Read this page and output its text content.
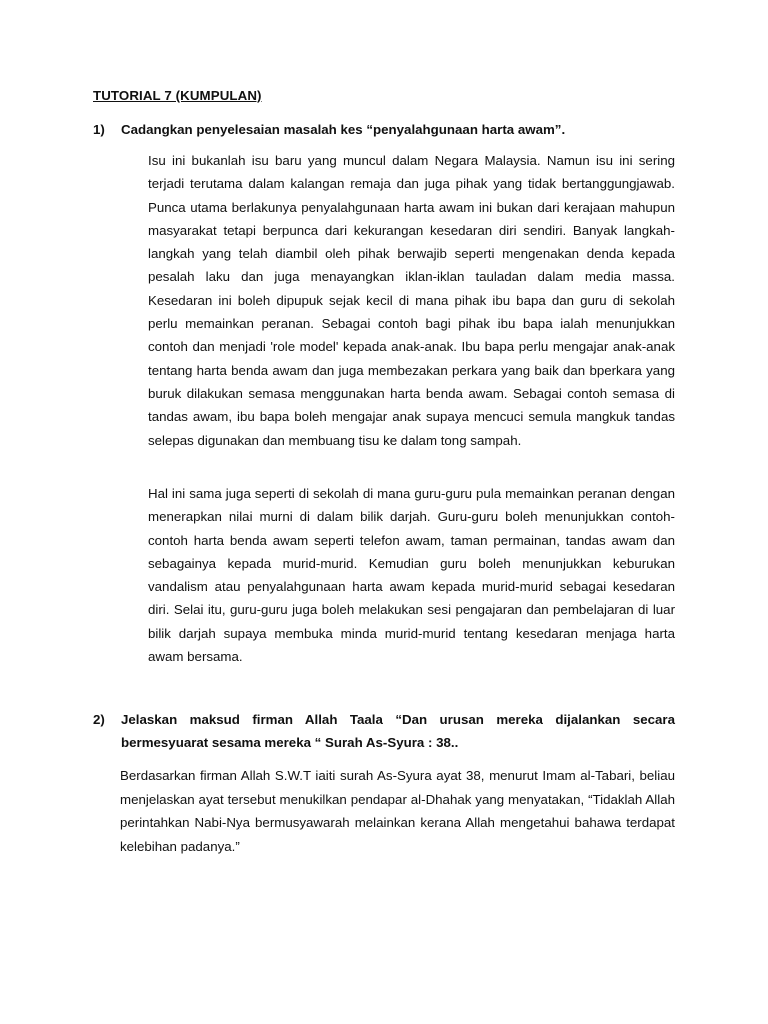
TUTORIAL 7 (KUMPULAN)
1) Cadangkan penyelesaian masalah kes “penyalahgunaan harta awam”.

Isu ini bukanlah isu baru yang muncul dalam Negara Malaysia. Namun isu ini sering terjadi terutama dalam kalangan remaja dan juga pihak yang tidak bertanggungjawab. Punca utama berlakunya penyalahgunaan harta awam ini bukan dari kerajaan mahupun masyarakat tetapi berpunca dari kekurangan kesedaran diri sendiri. Banyak langkah-langkah yang telah diambil oleh pihak berwajib seperti mengenakan denda kepada pesalah laku dan juga menayangkan iklan-iklan tauladan dalam media massa. Kesedaran ini boleh dipupuk sejak kecil di mana pihak ibu bapa dan guru di sekolah perlu memainkan peranan. Sebagai contoh bagi pihak ibu bapa ialah menunjukkan contoh dan menjadi 'role model' kepada anak-anak. Ibu bapa perlu mengajar anak-anak tentang harta benda awam dan juga membezakan perkara yang baik dan bperkara yang buruk dilakukan semasa menggunakan harta benda awam. Sebagai contoh semasa di tandas awam, ibu bapa boleh mengajar anak supaya mencuci semula mangkuk tandas selepas digunakan dan membuang tisu ke dalam tong sampah.

Hal ini sama juga seperti di sekolah di mana guru-guru pula memainkan peranan dengan menerapkan nilai murni di dalam bilik darjah. Guru-guru boleh menunjukkan contoh-contoh harta benda awam seperti telefon awam, taman permainan, tandas awam dan sebagainya kepada murid-murid. Kemudian guru boleh menunjukkan keburukan vandalism atau penyalahgunaan harta awam kepada murid-murid sebagai kesedaran diri. Selai itu, guru-guru juga boleh melakukan sesi pengajaran dan pembelajaran di luar bilik darjah supaya membuka minda murid-murid tentang kesedaran menjaga harta awam bersama.

2) Jelaskan maksud firman Allah Taala “Dan urusan mereka dijalankan secara bermesyuarat sesama mereka “ Surah As-Syura : 38..

Berdasarkan firman Allah S.W.T iaiti surah As-Syura ayat 38, menurut Imam al-Tabari, beliau menjelaskan ayat tersebut menukilkan pendapar al-Dhahak yang menyatakan, “Tidaklah Allah perintahkan Nabi-Nya bermusyawarah melainkan kerana Allah mengetahui bahawa terdapat kelebihan padanya.”
